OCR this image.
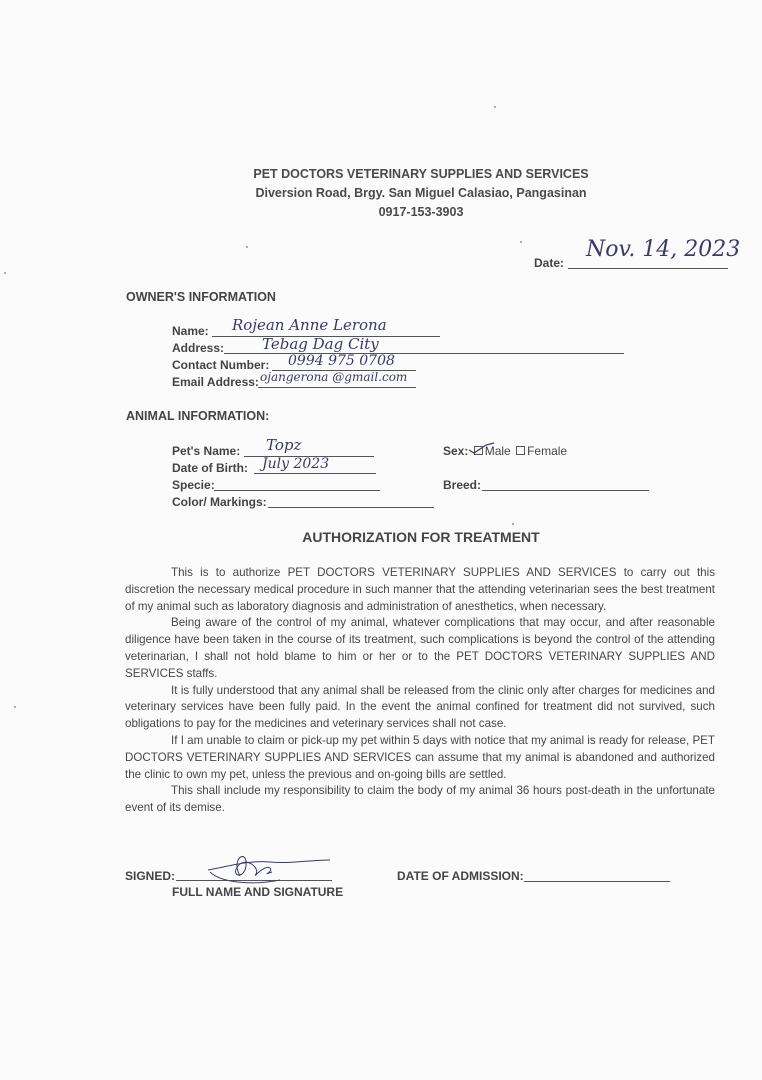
PET DOCTORS VETERINARY SUPPLIES AND SERVICES
Diversion Road, Brgy. San Miguel Calasiao, Pangasinan
0917-153-3903
Date:
Nov. 14, 2023
OWNER'S INFORMATION
Name: Rojean Anne Lerona
Address:	Tebag Dag City
Contact Number: 0994 975 0708
Email Address: ojangerona @gmail.com
ANIMAL INFORMATION:
Pet's Name: Topz
Date of Birth: July 2023
Specie:
Color/ Markings:
Sex: Male Female
Breed:
AUTHORIZATION FOR TREATMENT

This is to authorize PET DOCTORS VETERINARY SUPPLIES AND SERVICES to carry out this discretion the necessary medical procedure in such manner that the attending veterinarian sees the best treatment of my animal such as laboratory diagnosis and administration of anesthetics, when necessary.

Being aware of the control of my animal, whatever complications that may occur, and after reasonable diligence have been taken in the course of its treatment, such complications is beyond the control of the attending veterinarian, I shall not hold blame to him or her or to the PET DOCTORS VETERINARY SUPPLIES AND SERVICES staffs.

It is fully understood that any animal shall be released from the clinic only after charges for medicines and veterinary services have been fully paid. In the event the animal confined for treatment did not survived, such obligations to pay for the medicines and veterinary services shall not case.

If I am unable to claim or pick-up my pet within 5 days with notice that my animal is ready for release, PET DOCTORS VETERINARY SUPPLIES AND SERVICES can assume that my animal is abandoned and authorized the clinic to own my pet, unless the previous and on-going bills are settled.

This shall include my responsibility to claim the body of my animal 36 hours post-death in the unfortunate event of its demise.

SIGNED:
FULL NAME AND SIGNATURE
DATE OF ADMISSION:
